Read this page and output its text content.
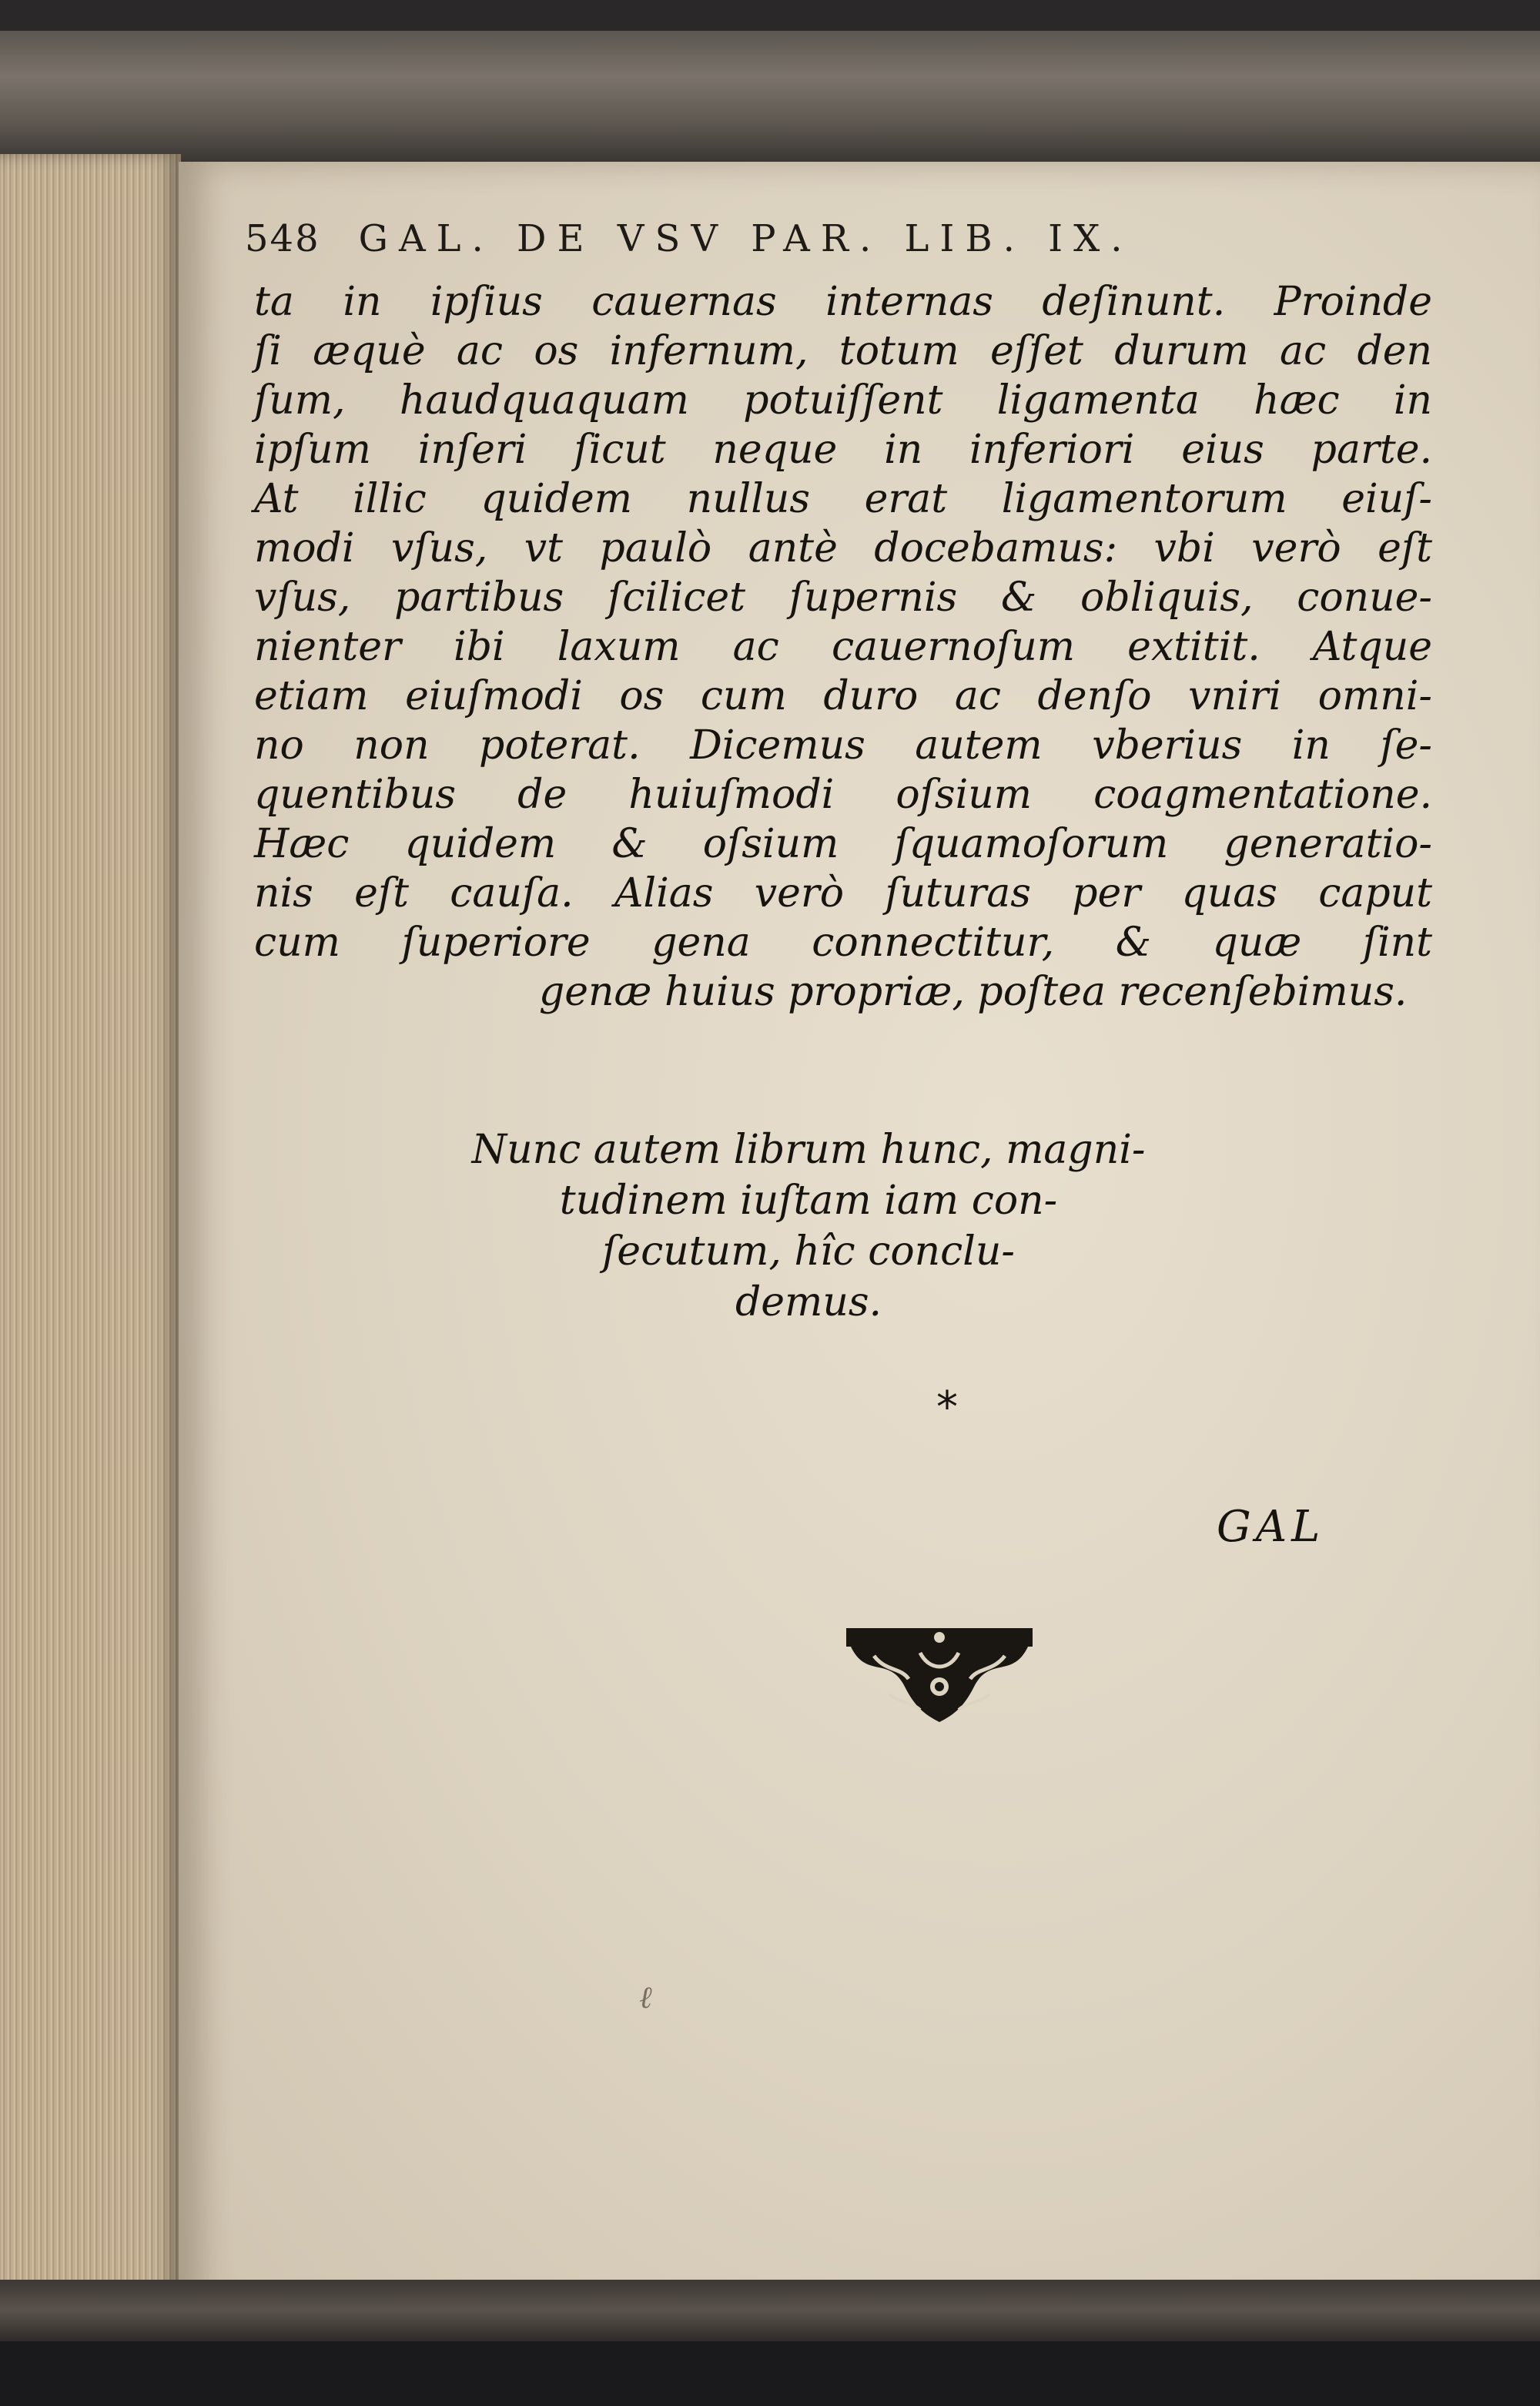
548 GAL. DE VSV PAR. LIB. IX.
ta in ipſius cauernas internas deſinunt. Proinde
ſi æquè ac os infernum, totum eſſet durum ac den
ſum, haudquaquam potuiſſent ligamenta hæc in
ipſum inſeri ſicut neque in inferiori eius parte.
At illic quidem nullus erat ligamentorum eiuſ-
modi vſus, vt paulò antè docebamus: vbi verò eſt
vſus, partibus ſcilicet ſupernis & obliquis, conue-
nienter ibi laxum ac cauernoſum extitit. Atque
etiam eiuſmodi os cum duro ac denſo vniri omni-
no non poterat. Dicemus autem vberius in ſe-
quentibus de huiuſmodi oſsium coagmentatione.
Hæc quidem & oſsium ſquamoſorum generatio-
nis eſt cauſa. Alias verò ſuturas per quas caput
cum ſuperiore gena connectitur, & quæ ſint
genæ huius propriæ, poſtea recenſebimus.
Nunc autem librum hunc, magni-
tudinem iuſtam iam con-
ſecutum, hîc conclu-
demus.
*
GAL
ℓ
